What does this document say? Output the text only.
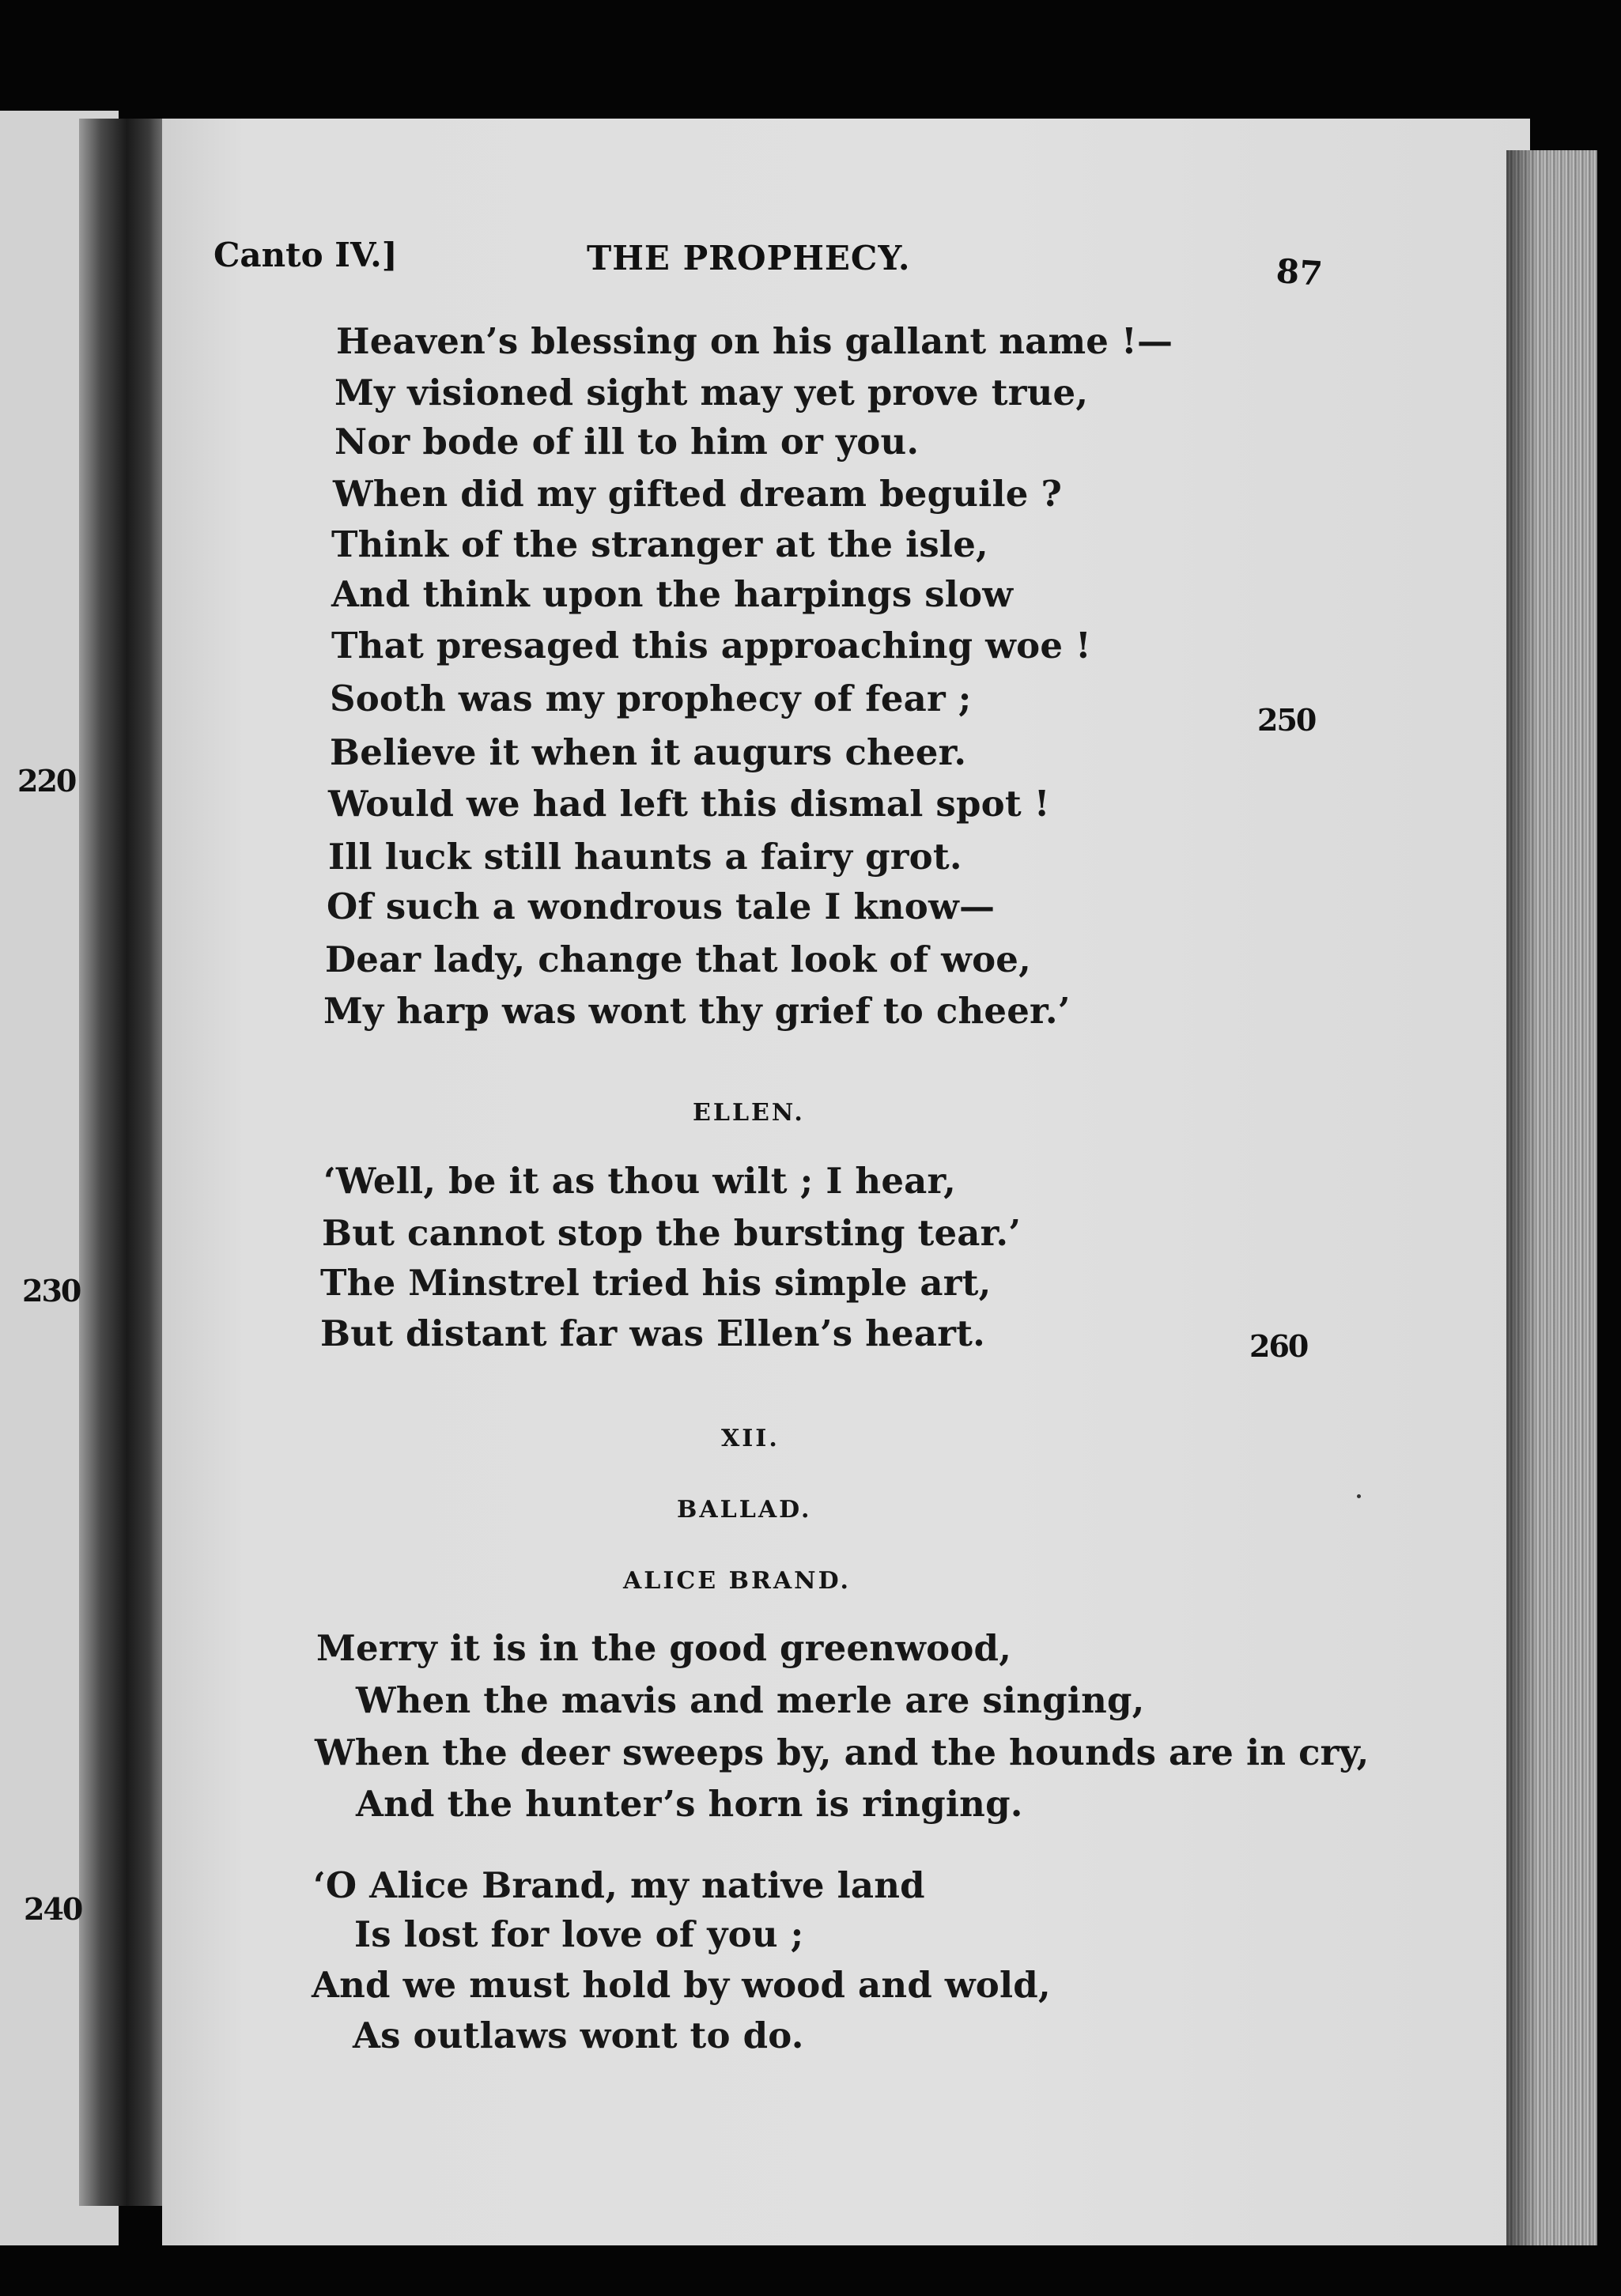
220
230
240
Canto IV.]	THE PROPHECY.	87
Heaven’s blessing on his gallant name !—
My visioned sight may yet prove true,
Nor bode of ill to him or you.
When did my gifted dream beguile ?
Think of the stranger at the isle,
And think upon the harpings slow
That presaged this approaching woe !
Sooth was my prophecy of fear ;
Believe it when it augurs cheer.
Would we had left this dismal spot !
Ill luck still haunts a fairy grot.
Of such a wondrous tale I know—
Dear lady, change that look of woe,
My harp was wont thy grief to cheer.’
250
ELLEN.
‘Well, be it as thou wilt ; I hear,
But cannot stop the bursting tear.’
The Minstrel tried his simple art,
But distant far was Ellen’s heart.	260
XII.
BALLAD.
ALICE BRAND.
Merry it is in the good greenwood,
When the mavis and merle are singing,
When the deer sweeps by, and the hounds are in cry,
And the hunter’s horn is ringing.
‘O Alice Brand, my native land
Is lost for love of you ;
And we must hold by wood and wold,
As outlaws wont to do.
